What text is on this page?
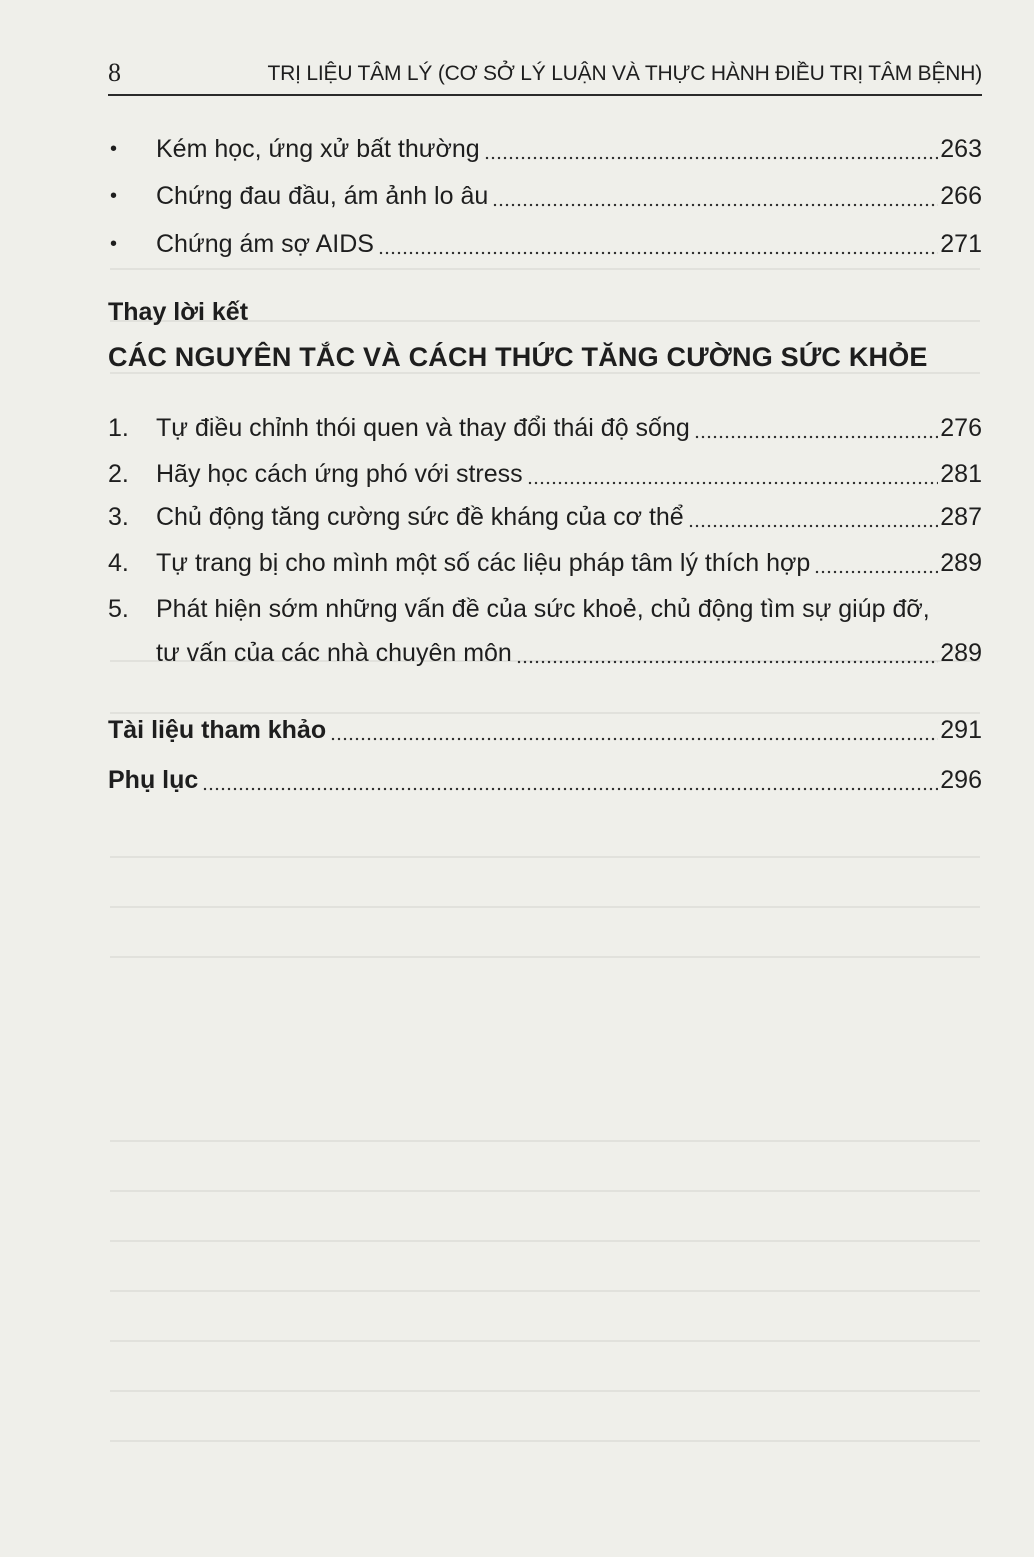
8	TRỊ LIỆU TÂM LÝ (CƠ SỞ LÝ LUẬN VÀ THỰC HÀNH ĐIỀU TRỊ TÂM BỆNH)
•	Kém học, ứng xử bất thường	263
•	Chứng đau đầu, ám ảnh lo âu	266
•	Chứng ám sợ AIDS	271
Thay lời kết
CÁC NGUYÊN TẮC VÀ CÁCH THỨC TĂNG CƯỜNG SỨC KHỎE
1.	Tự điều chỉnh thói quen và thay đổi thái độ sống	276
2.	Hãy học cách ứng phó với stress	281
3.	Chủ động tăng cường sức đề kháng của cơ thể	287
4.	Tự trang bị cho mình một số các liệu pháp tâm lý thích hợp	289
5.	Phát hiện sớm những vấn đề của sức khoẻ, chủ động tìm sự giúp đỡ,
tư vấn của các nhà chuyên môn	289
Tài liệu tham khảo	291
Phụ lục	296
